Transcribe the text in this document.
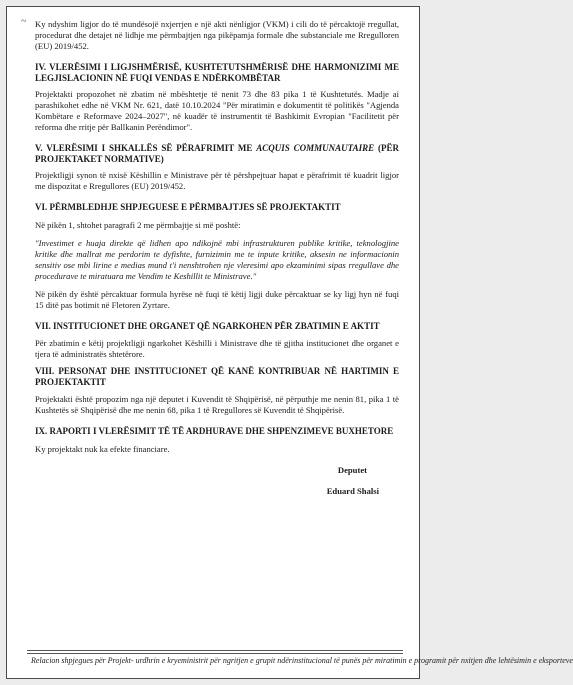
~ Ky ndyshim ligjor do të mundësojë nxjerrjen e një akti nënligjor (VKM) i cili do të përcaktojë rregullat, procedurat dhe detajet në lidhje me përmbajtjen nga pikëpamja formale dhe substanciale me Rregulloren (EU) 2019/452.

IV. VLERËSIMI I LIGJSHMËRISË, KUSHTETUTSHMËRISË DHE HARMONIZIMI ME LEGJISLACIONIN NË FUQI VENDAS E NDËRKOMBËTAR

Projektakti propozohet në zbatim në mbështetje të nenit 73 dhe 83 pika 1 të Kushtetutës. Madje ai parashikohet edhe në VKM Nr. 621, datë 10.10.2024 "Për miratimin e dokumentit të politikës "Agjenda Kombëtare e Reformave 2024–2027", në kuadër të instrumentit të Bashkimit Evropian "Facilitetit për reforma dhe rritje për Ballkanin Perëndimor".

V. VLERËSIMI I SHKALLËS SË PËRAFRIMIT ME ACQUIS COMMUNAUTAIRE (PËR PROJEKTAKET NORMATIVE)

Projektligji synon të nxisë Këshillin e Ministrave për të përshpejtuar hapat e përafrimit të kuadrit ligjor me dispozitat e Rregullores (EU) 2019/452.

VI. PËRMBLEDHJE SHPJEGUESE E PËRMBAJTJES SË PROJEKTAKTIT

Në pikën 1, shtohet paragrafi 2 me përmbajtje si më poshtë:

"Investimet e huaja direkte që lidhen apo ndikojnë mbi infrastrukturen publike kritike, teknologjine kritike dhe mallrat me perdorim te dyfishte, furnizimin me te inpute kritike, aksesin ne informacionin sensitiv ose mbi lirine e medias mund t'i nenshtrohen nje vleresimi apo ekzaminimi sipas rregullave dhe procedurave te miratuara me Vendim te Keshillit te Ministrave."

Në pikën dy është përcaktuar formula hyrëse në fuqi të këtij ligji duke përcaktuar se ky ligj hyn në fuqi 15 ditë pas botimit në Fletoren Zyrtare.

VII. INSTITUCIONET DHE ORGANET QË NGARKOHEN PËR ZBATIMIN E AKTIT

Për zbatimin e këtij projektligji ngarkohet Këshilli i Ministrave dhe të gjitha institucionet dhe organet e tjera të administratës shtetërore.

VIII. PERSONAT DHE INSTITUCIONET QË KANË KONTRIBUAR NË HARTIMIN E PROJEKTAKTIT

Projektakti është propozim nga një deputet i Kuvendit të Shqipërisë, në përputhje me nenin 81, pika 1 të Kushtetës së Shqipërisë dhe me nenin 68, pika 1 të Rregullores së Kuvendit të Shqipërisë.

IX. RAPORTI I VLERËSIMIT TË TË ARDHURAVE DHE SHPENZIMEVE BUXHETORE

Ky projektakt nuk ka efekte financiare.

Deputet
Eduard Shalsi

Relacion shpjegues për Projekt- urdhrin e kryeministrit për ngritjen e grupit ndërinstitucional të punës për miratimin e programit për nxitjen dhe lehtësimin e eksporteve
